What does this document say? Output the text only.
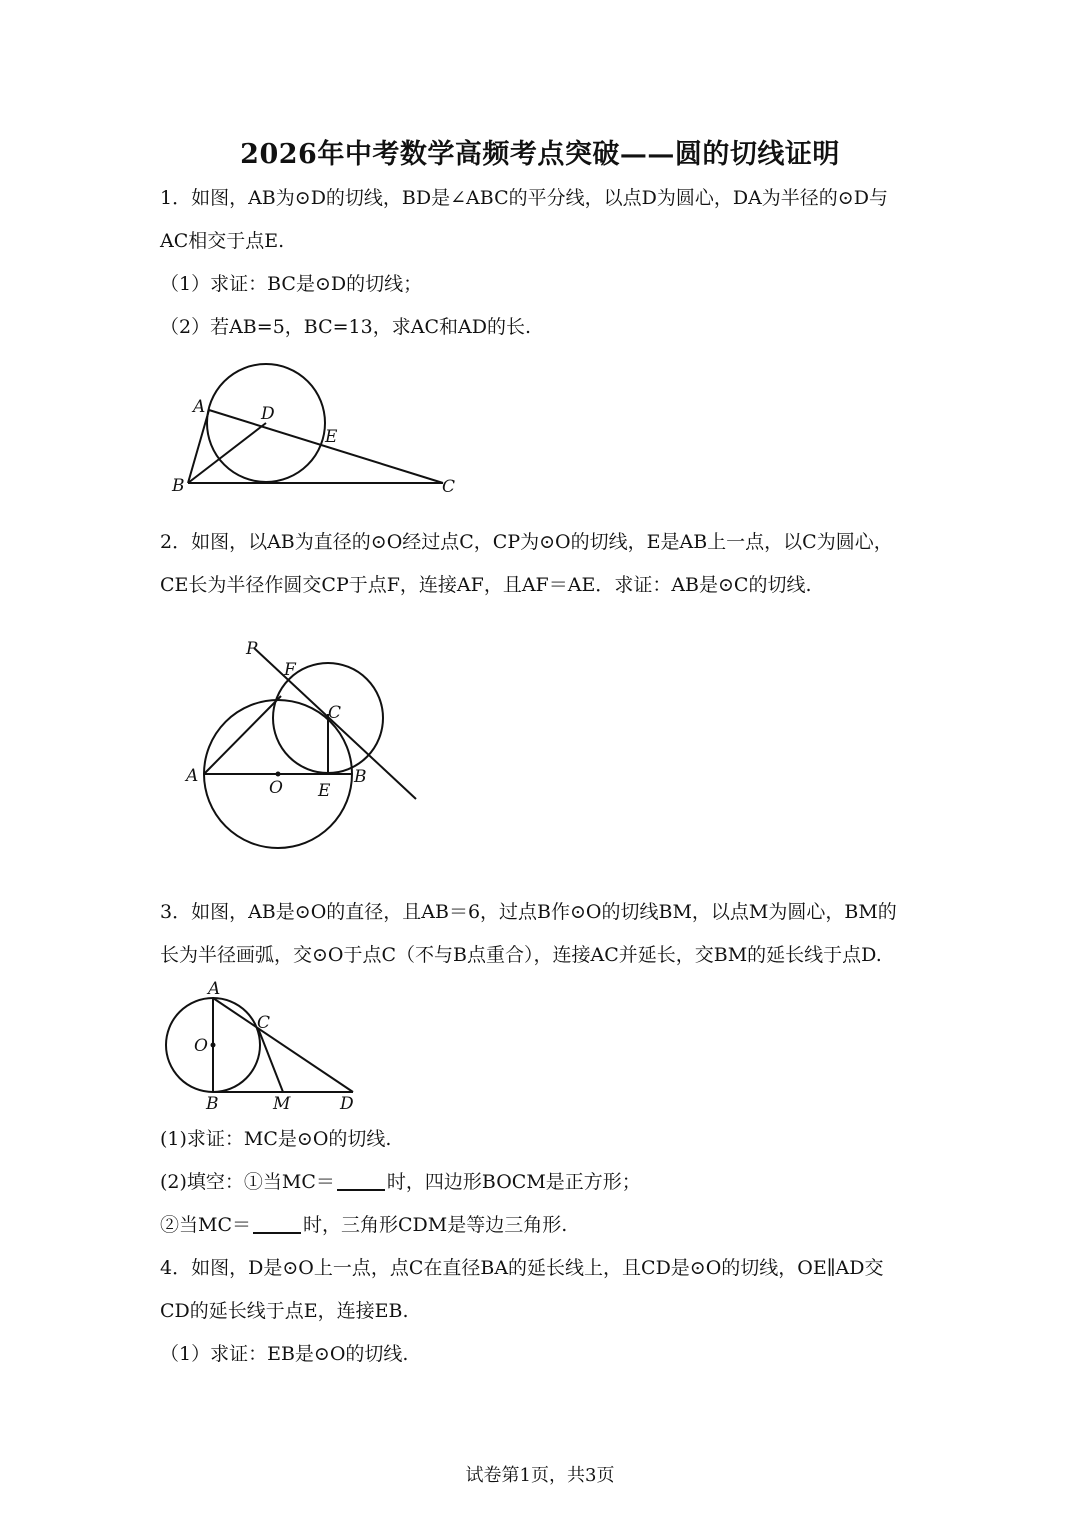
2026年中考数学高频考点突破——圆的切线证明
1．如图，AB为⊙D的切线，BD是∠ABC的平分线，以点D为圆心，DA为半径的⊙D与
AC相交于点E.
（1）求证：BC是⊙D的切线；
（2）若AB=5，BC=13，求AC和AD的长.
A	D
E
B	C
2．如图，以AB为直径的⊙O经过点C，CP为⊙O的切线，E是AB上一点，以C为圆心，
CE长为半径作圆交CP于点F，连接AF，且AF＝AE．求证：AB是⊙C的切线.
P
F
C
A
O E
B
3．如图，AB是⊙O的直径，且AB＝6，过点B作⊙O的切线BM，以点M为圆心，BM的
长为半径画弧，交⊙O于点C（不与B点重合），连接AC并延长，交BM的延长线于点D.
A
C
O
B	M	D
(1)求证：MC是⊙O的切线.
(2)填空：①当MC＝	时，四边形BOCM是正方形；
②当MC＝	时，三角形CDM是等边三角形.
4．如图，D是⊙O上一点，点C在直径BA的延长线上，且CD是⊙O的切线，OE∥AD交
CD的延长线于点E，连接EB.
（1）求证：EB是⊙O的切线.
试卷第1页，共3页
